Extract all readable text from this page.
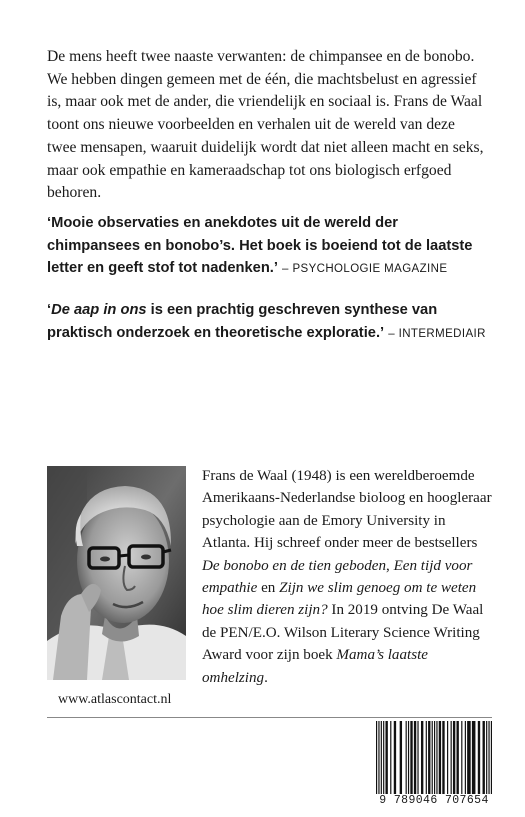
De mens heeft twee naaste verwanten: de chimpansee en de bonobo. We hebben dingen gemeen met de één, die machtsbelust en agressief is, maar ook met de ander, die vriendelijk en sociaal is. Frans de Waal toont ons nieuwe voorbeelden en verhalen uit de wereld van deze twee mensapen, waaruit duidelijk wordt dat niet alleen macht en seks, maar ook empathie en kameraadschap tot ons biologisch erfgoed behoren.

‘Mooie observaties en anekdotes uit de wereld der chimpansees en bonobo’s. Het boek is boeiend tot de laatste letter en geeft stof tot nadenken.’ – PSYCHOLOGIE MAGAZINE

‘De aap in ons is een prachtig geschreven synthese van praktisch onderzoek en theoretische exploratie.’ – INTERMEDIAIR

Frans de Waal (1948) is een wereldberoemde Amerikaans-Nederlandse bioloog en hoogleraar psychologie aan de Emory University in Atlanta. Hij schreef onder meer de bestsellers De bonobo en de tien geboden, Een tijd voor empathie en Zijn we slim genoeg om te weten hoe slim dieren zijn? In 2019 ontving De Waal de PEN/E.O. Wilson Literary Science Writing Award voor zijn boek Mama’s laatste omhelzing.

www.atlascontact.nl

9 789046 707654
